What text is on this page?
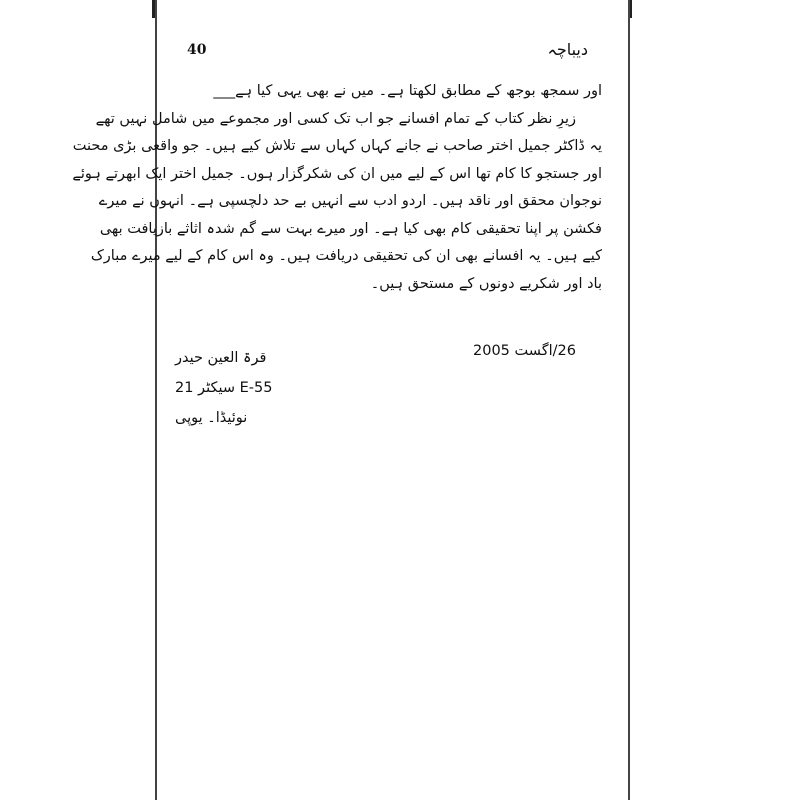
40	دیباچہ
اور سمجھ بوجھ کے مطابق لکھتا ہے۔ میں نے بھی یہی کیا ہے___
زیرِ نظر کتاب کے تمام افسانے جو اب تک کسی اور مجموعے میں شامل نہیں تھے
یہ ڈاکٹر جمیل اختر صاحب نے جانے کہاں کہاں سے تلاش کیے ہیں۔ جو واقعی بڑی محنت
اور جستجو کا کام تھا اس کے لیے میں ان کی شکرگزار ہوں۔ جمیل اختر ایک ابھرتے ہوئے
نوجوان محقق اور ناقد ہیں۔ اردو ادب سے انہیں بے حد دلچسپی ہے۔ انہوں نے میرے
فکشن پر اپنا تحقیقی کام بھی کیا ہے۔ اور میرے بہت سے گم شدہ اثاثے بازیافت بھی
کیے ہیں۔ یہ افسانے بھی ان کی تحقیقی دریافت ہیں۔ وہ اس کام کے لیے میرے مبارک
باد اور شکریے دونوں کے مستحق ہیں۔
26/اگست 2005
قرۃ العین حیدر
E-55 سیکٹر 21
نوئیڈا۔ یوپی
